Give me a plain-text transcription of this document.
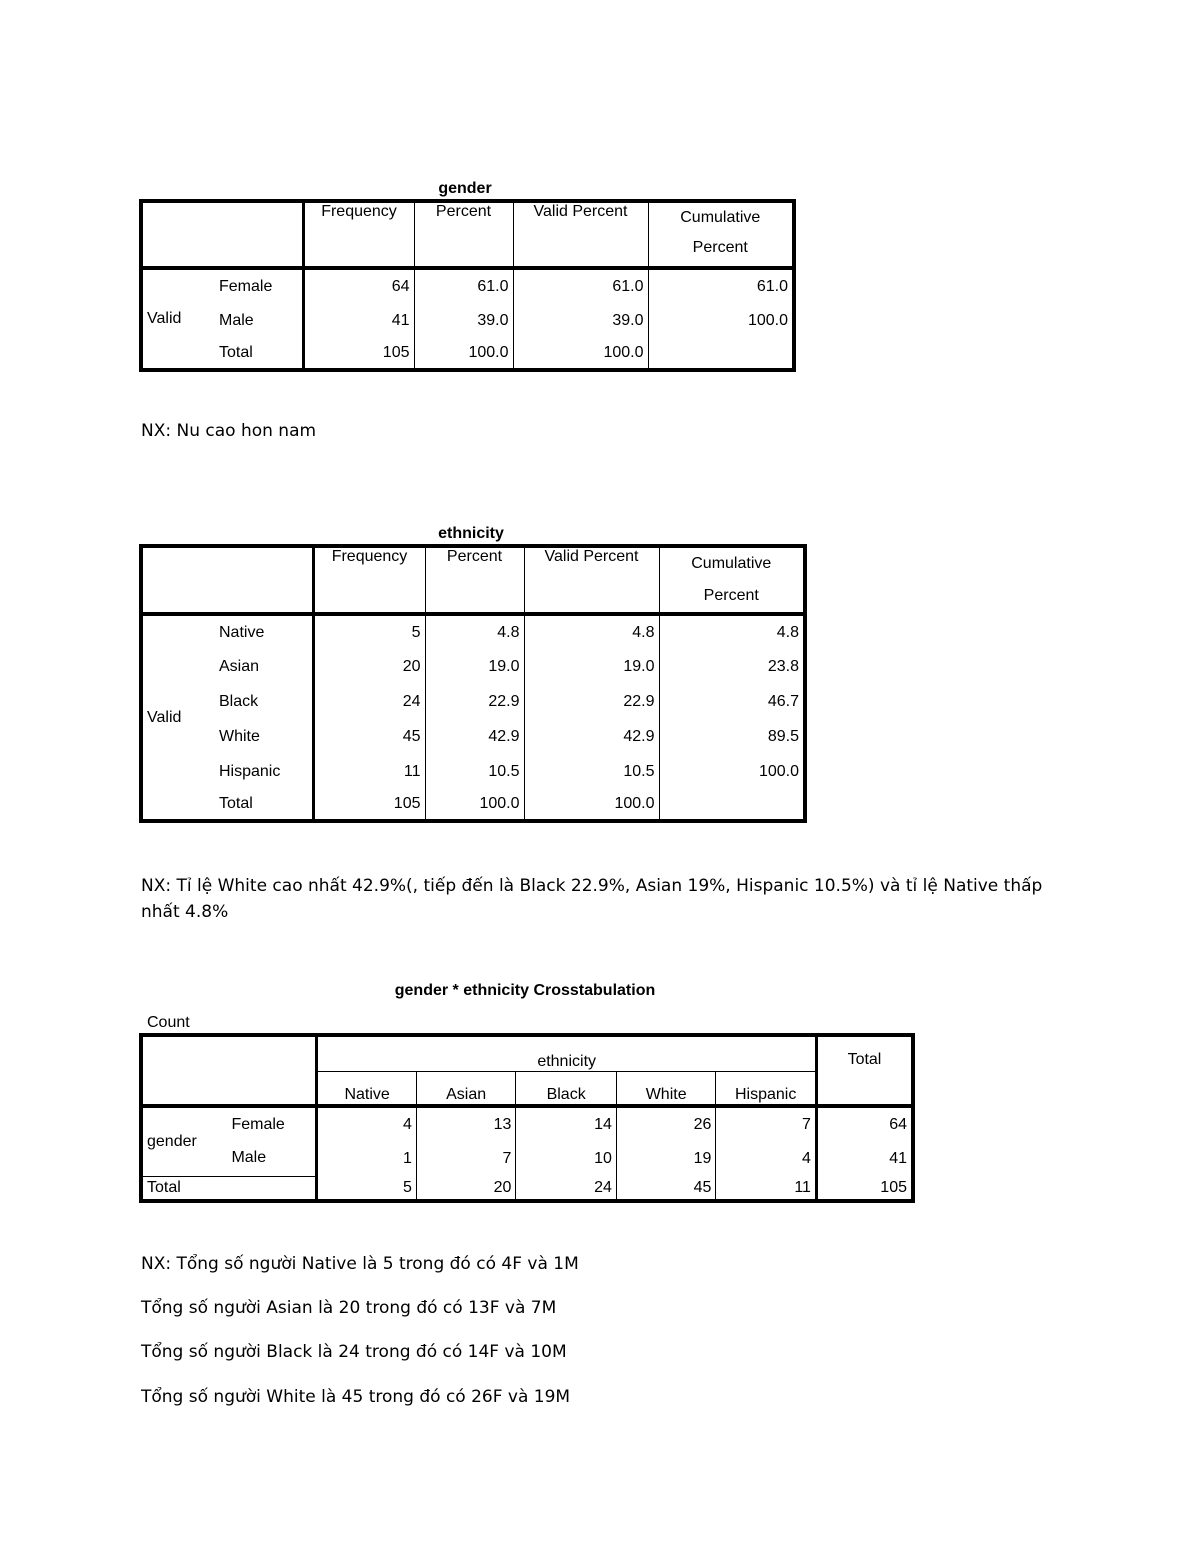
gender
		Frequency	Percent	Valid Percent	Cumulative
Percent
Valid	Female	64	61.0	61.0	61.0
	Male	41	39.0	39.0	100.0
	Total	105	100.0	100.0	
NX: Nu cao hon nam
ethnicity
		Frequency	Percent	Valid Percent	Cumulative
Percent
Valid	Native	5	4.8	4.8	4.8
	Asian	20	19.0	19.0	23.8
	Black	24	22.9	22.9	46.7
	White	45	42.9	42.9	89.5
	Hispanic	11	10.5	10.5	100.0
	Total	105	100.0	100.0	
NX: Tỉ lệ White cao nhất 42.9%(, tiếp đến là Black 22.9%, Asian 19%, Hispanic 10.5%) và tỉ lệ Native thấp
nhất 4.8%
gender * ethnicity Crosstabulation
Count
		ethnicity					Total
		Native	Asian	Black	White	Hispanic	
gender	Female	4	13	14	26	7	64
	Male	1	7	10	19	4	41
Total		5	20	24	45	11	105
NX: Tổng số người Native là 5 trong đó có 4F và 1M
Tổng số người Asian là 20 trong đó có 13F và 7M
Tổng số người Black là 24 trong đó có 14F và 10M
Tổng số người White là 45 trong đó có 26F và 19M
